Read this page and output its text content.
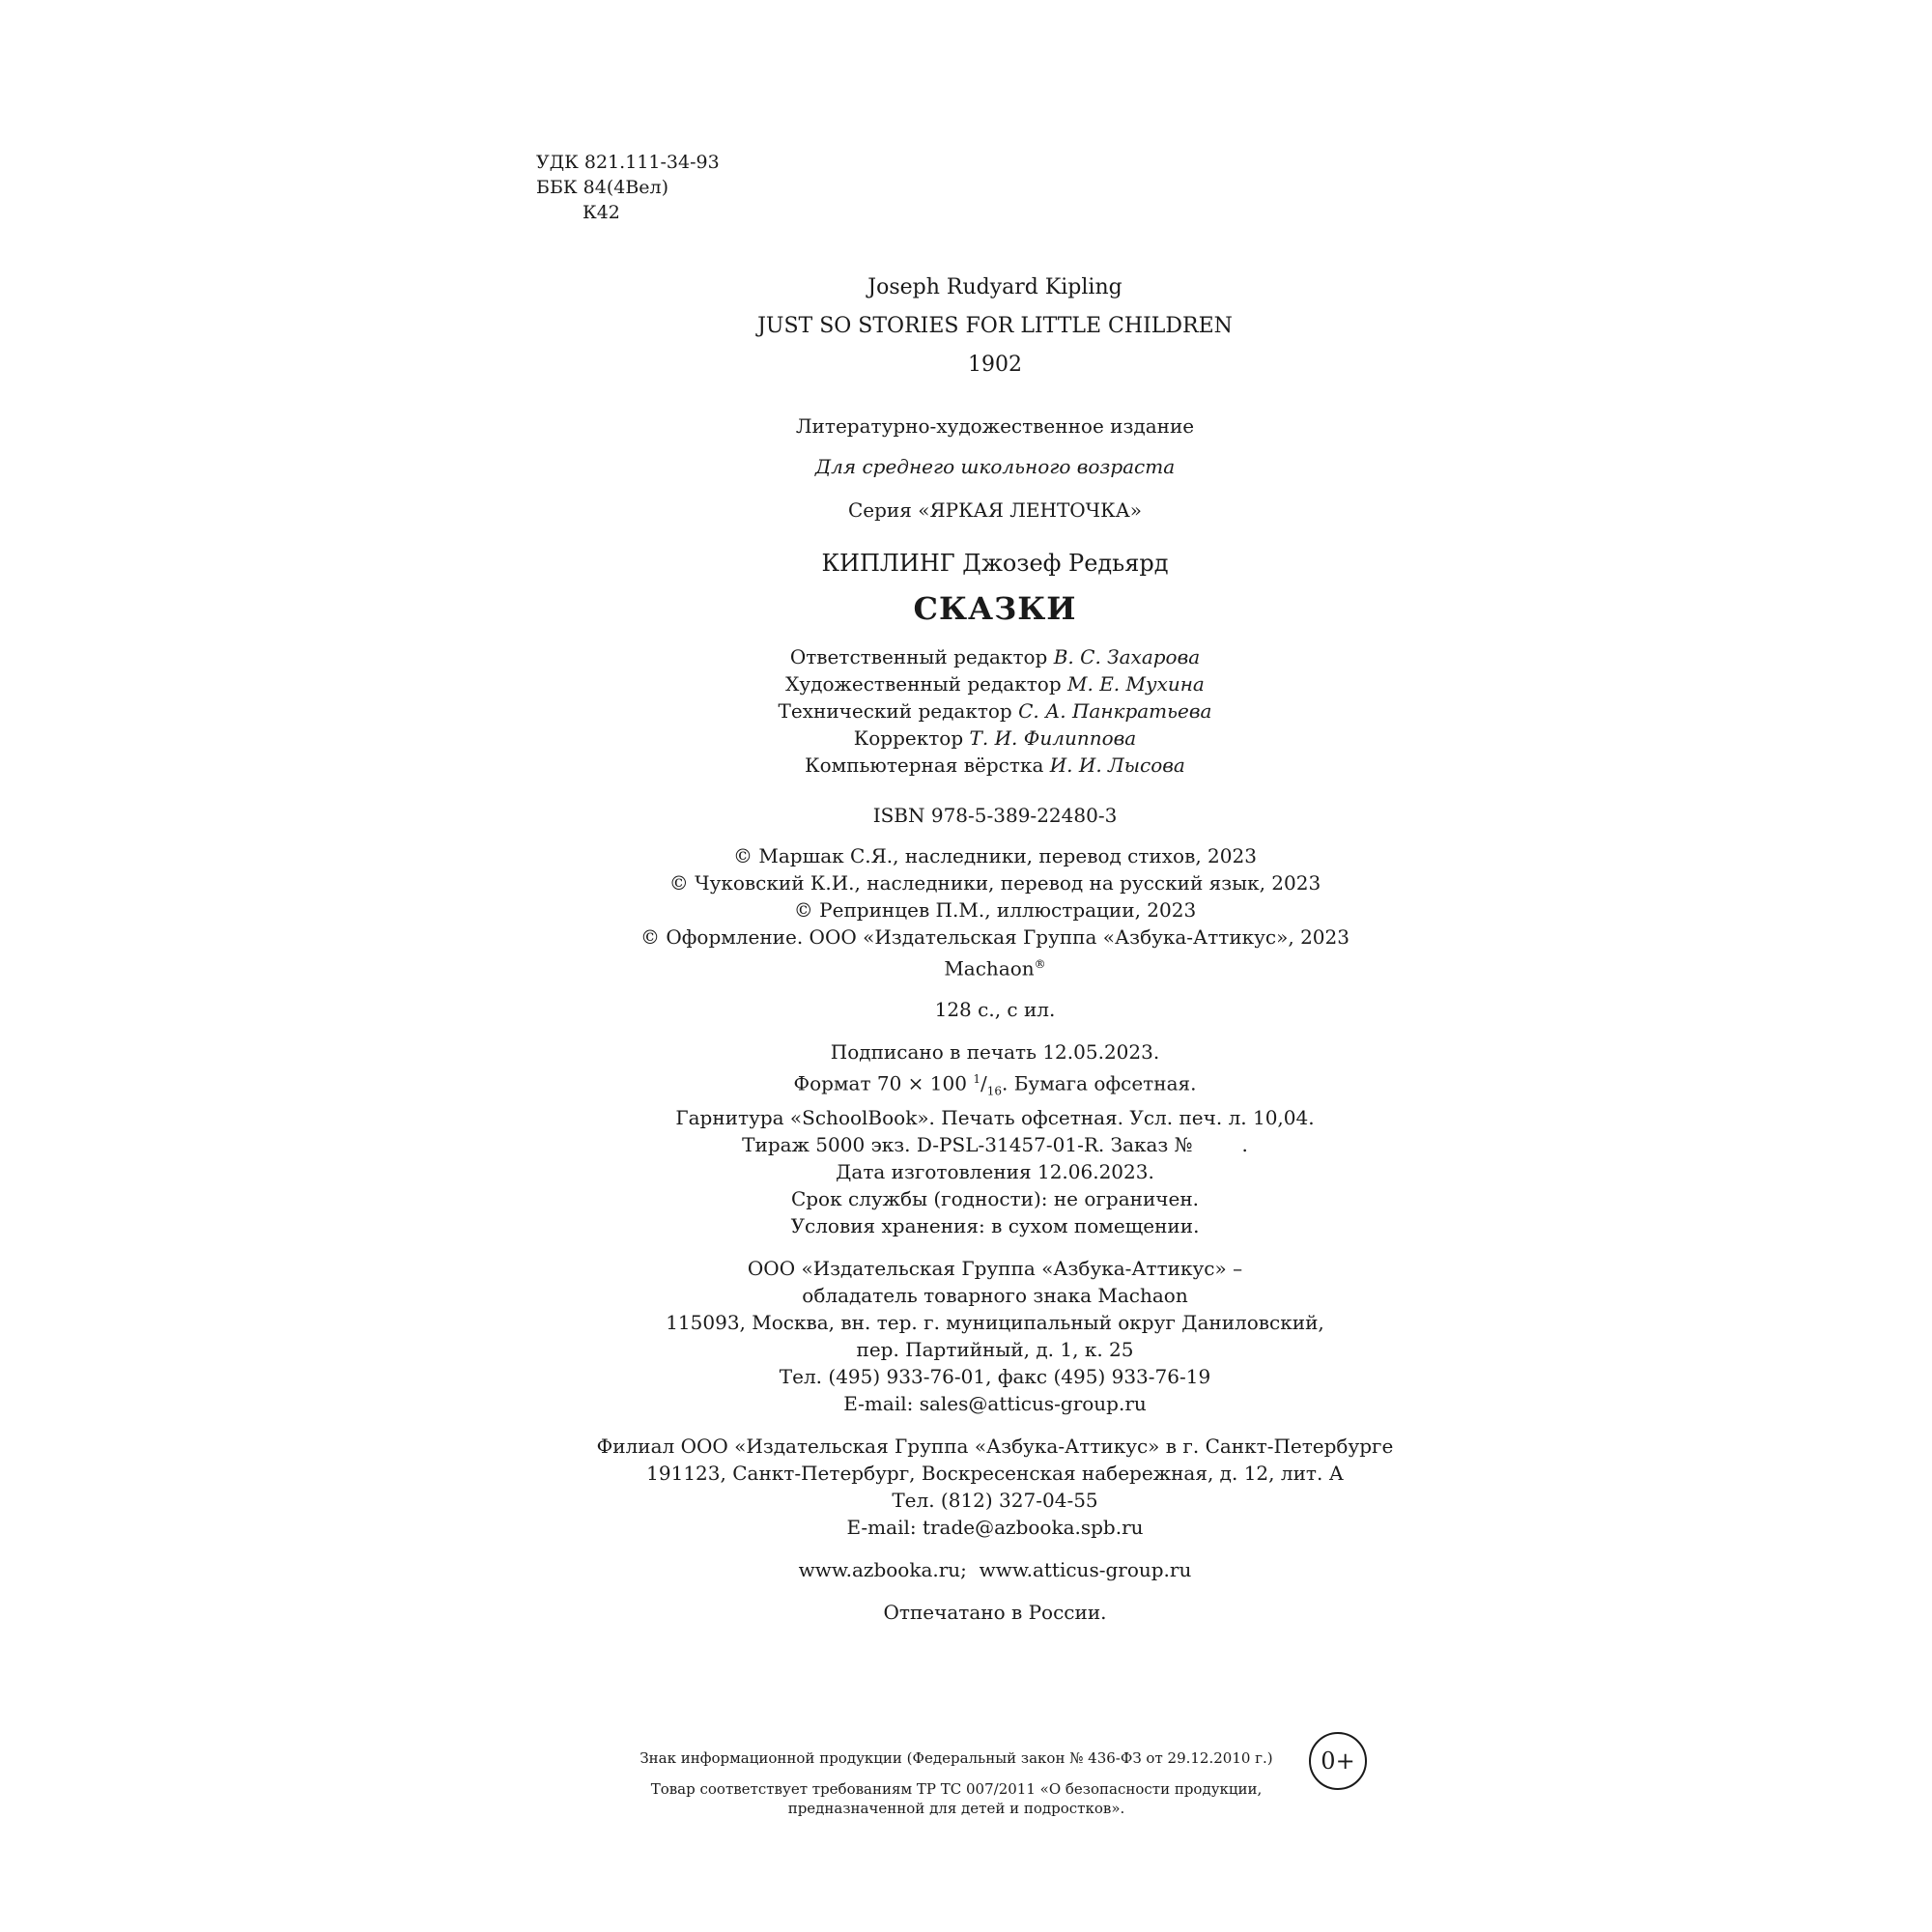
УДК 821.111-34-93
ББК 84(4Вел)
К42

Joseph Rudyard Kipling

JUST SO STORIES FOR LITTLE CHILDREN

1902

Литературно-художественное издание

Для среднего школьного возраста

Серия «ЯРКАЯ ЛЕНТОЧКА»

КИПЛИНГ Джозеф Редьярд

СКАЗКИ

Ответственный редактор В. С. Захарова

Художественный редактор М. Е. Мухина

Технический редактор С. А. Панкратьева

Корректор Т. И. Филиппова

Компьютерная вёрстка И. И. Лысова

ISBN 978-5-389-22480-3

© Маршак С.Я., наследники, перевод стихов, 2023

© Чуковский К.И., наследники, перевод на русский язык, 2023

© Репринцев П.М., иллюстрации, 2023

© Оформление. ООО «Издательская Группа «Азбука-Аттикус», 2023

Machaon®

128 с., с ил.

Подписано в печать 12.05.2023.

Формат 70 × 100 $^1/_{16}$. Бумага офсетная.

Гарнитура «SchoolBook». Печать офсетная. Усл. печ. л. 10,04.

Тираж 5000 экз. D-PSL-31457-01-R. Заказ №        .

Дата изготовления 12.06.2023.

Срок службы (годности): не ограничен.

Условия хранения: в сухом помещении.

ООО «Издательская Группа «Азбука-Аттикус» –

обладатель товарного знака Machaon

115093, Москва, вн. тер. г. муниципальный округ Даниловский,

пер. Партийный, д. 1, к. 25

Тел. (495) 933-76-01, факс (495) 933-76-19

E-mail: sales@atticus-group.ru

Филиал ООО «Издательская Группа «Азбука-Аттикус» в г. Санкт-Петербурге

191123, Санкт-Петербург, Воскресенская набережная, д. 12, лит. А

Тел. (812) 327-04-55

E-mail: trade@azbooka.spb.ru

www.azbooka.ru;  www.atticus-group.ru

Отпечатано в России.

Знак информационной продукции (Федеральный закон № 436-ФЗ от 29.12.2010 г.)

Товар соответствует требованиям ТР ТС 007/2011 «О безопасности продукции,

предназначенной для детей и подростков».

0+
